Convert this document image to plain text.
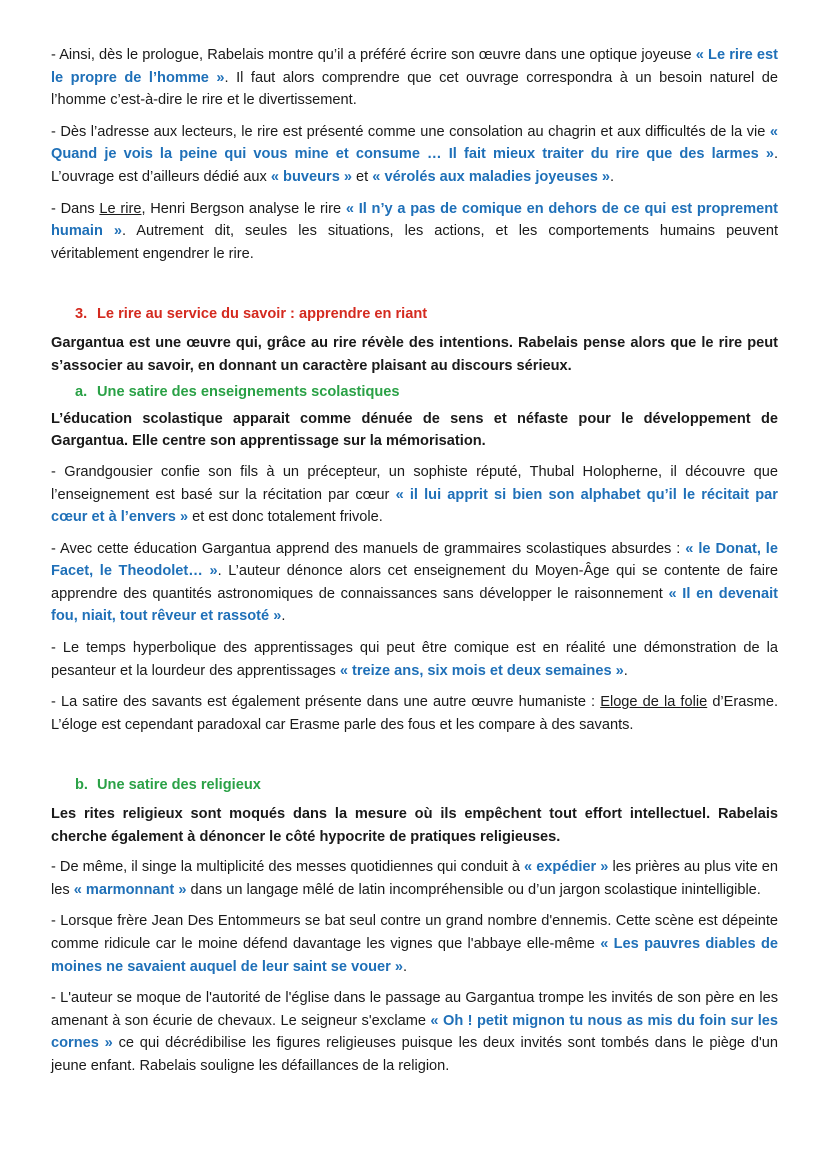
- Ainsi, dès le prologue, Rabelais montre qu’il a préféré écrire son œuvre dans une optique joyeuse « Le rire est le propre de l’homme ». Il faut alors comprendre que cet ouvrage correspondra à un besoin naturel de l’homme c’est-à-dire le rire et le divertissement.

- Dès l’adresse aux lecteurs, le rire est présenté comme une consolation au chagrin et aux difficultés de la vie « Quand je vois la peine qui vous mine et consume … Il fait mieux traiter du rire que des larmes ». L’ouvrage est d’ailleurs dédié aux « buveurs » et « vérolés aux maladies joyeuses ».

- Dans Le rire, Henri Bergson analyse le rire « Il n’y a pas de comique en dehors de ce qui est proprement humain ». Autrement dit, seules les situations, les actions, et les comportements humains peuvent véritablement engendrer le rire.

3. Le rire au service du savoir : apprendre en riant

Gargantua est une œuvre qui, grâce au rire révèle des intentions. Rabelais pense alors que le rire peut s’associer au savoir, en donnant un caractère plaisant au discours sérieux.

a. Une satire des enseignements scolastiques

L’éducation scolastique apparait comme dénuée de sens et néfaste pour le développement de Gargantua. Elle centre son apprentissage sur la mémorisation.

- Grandgousier confie son fils à un précepteur, un sophiste réputé, Thubal Holopherne, il découvre que l’enseignement est basé sur la récitation par cœur « il lui apprit si bien son alphabet qu’il le récitait par cœur et à l’envers » et est donc totalement frivole.

- Avec cette éducation Gargantua apprend des manuels de grammaires scolastiques absurdes : « le Donat, le Facet, le Theodolet… ». L’auteur dénonce alors cet enseignement du Moyen-Âge qui se contente de faire apprendre des quantités astronomiques de connaissances sans développer le raisonnement « Il en devenait fou, niait, tout rêveur et rassoté ».

- Le temps hyperbolique des apprentissages qui peut être comique est en réalité une démonstration de la pesanteur et la lourdeur des apprentissages « treize ans, six mois et deux semaines ».

- La satire des savants est également présente dans une autre œuvre humaniste : Eloge de la folie d’Erasme. L’éloge est cependant paradoxal car Erasme parle des fous et les compare à des savants.

b. Une satire des religieux

Les rites religieux sont moqués dans la mesure où ils empêchent tout effort intellectuel. Rabelais cherche également à dénoncer le côté hypocrite de pratiques religieuses.

- De même, il singe la multiplicité des messes quotidiennes qui conduit à « expédier » les prières au plus vite en les « marmonnant » dans un langage mêlé de latin incompréhensible ou d’un jargon scolastique inintelligible.

- Lorsque frère Jean Des Entommeurs se bat seul contre un grand nombre d'ennemis. Cette scène est dépeinte comme ridicule car le moine défend davantage les vignes que l'abbaye elle-même « Les pauvres diables de moines ne savaient auquel de leur saint se vouer ».

- L'auteur se moque de l'autorité de l'église dans le passage au Gargantua trompe les invités de son père en les amenant à son écurie de chevaux. Le seigneur s'exclame « Oh ! petit mignon tu nous as mis du foin sur les cornes » ce qui décrédibilise les figures religieuses puisque les deux invités sont tombés dans le piège d'un jeune enfant. Rabelais souligne les défaillances de la religion.
